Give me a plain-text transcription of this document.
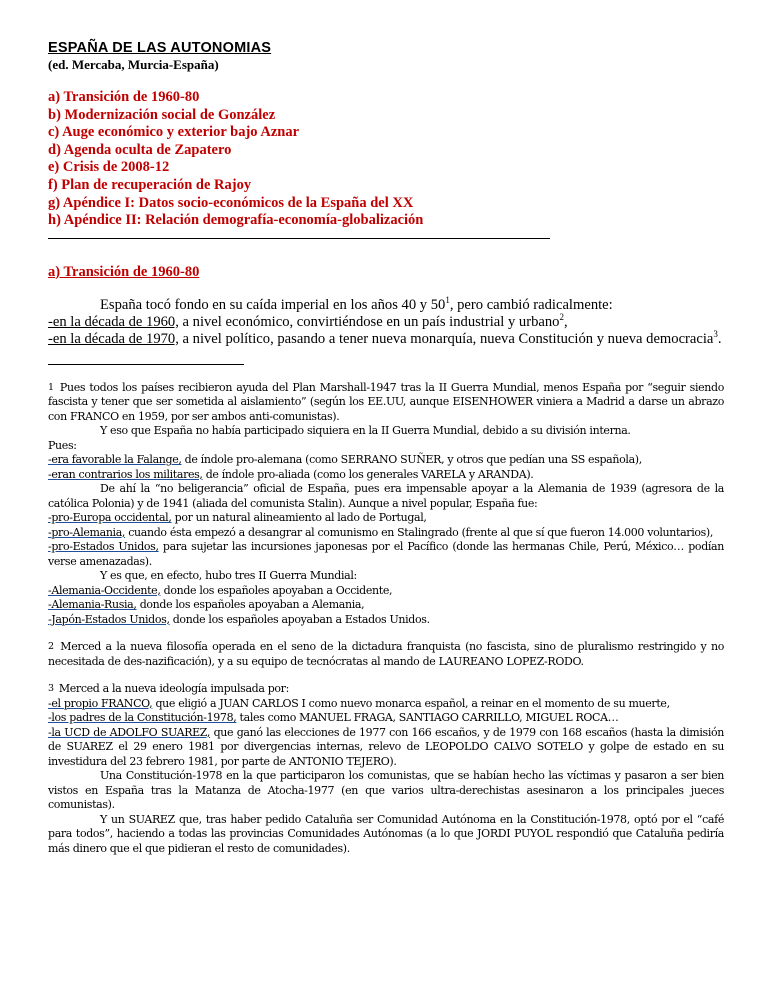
ESPAÑA DE LAS AUTONOMIAS
(ed. Mercaba, Murcia-España)
a) Transición de 1960-80
b) Modernización social de González
c) Auge económico y exterior bajo Aznar
d) Agenda oculta de Zapatero
e) Crisis de 2008-12
f) Plan de recuperación de Rajoy
g) Apéndice I: Datos socio-económicos de la España del XX
h) Apéndice II: Relación demografía-economía-globalización
a) Transición de 1960-80

España tocó fondo en su caída imperial en los años 40 y $50^1$, pero cambió radicalmente:

-en la década de 1960, a nivel económico, convirtiéndose en un país industrial y urbano$^2$,

-en la década de 1970, a nivel político, pasando a tener nueva monarquía, nueva Constitución y nueva democracia$^3$.

1 Pues todos los países recibieron ayuda del Plan Marshall-1947 tras la II Guerra Mundial, menos España por “seguir siendo fascista y tener que ser sometida al aislamiento” (según los EE.UU, aunque EISENHOWER viniera a Madrid a darse un abrazo con FRANCO en 1959, por ser ambos anti-comunistas).

Y eso que España no había participado siquiera en la II Guerra Mundial, debido a su división interna.

Pues:

-era favorable la Falange, de índole pro-alemana (como SERRANO SUÑER, y otros que pedían una SS española),

-eran contrarios los militares, de índole pro-aliada (como los generales VARELA y ARANDA).

De ahí la “no beligerancia” oficial de España, pues era impensable apoyar a la Alemania de 1939 (agresora de la católica Polonia) y de 1941 (aliada del comunista Stalin). Aunque a nivel popular, España fue:

-pro-Europa occidental, por un natural alineamiento al lado de Portugal,

-pro-Alemania, cuando ésta empezó a desangrar al comunismo en Stalingrado (frente al que sí que fueron 14.000 voluntarios),

-pro-Estados Unidos, para sujetar las incursiones japonesas por el Pacífico (donde las hermanas Chile, Perú, México… podían verse amenazadas).

Y es que, en efecto, hubo tres II Guerra Mundial:

-Alemania-Occidente, donde los españoles apoyaban a Occidente,

-Alemania-Rusia, donde los españoles apoyaban a Alemania,

-Japón-Estados Unidos, donde los españoles apoyaban a Estados Unidos.

2 Merced a la nueva filosofía operada en el seno de la dictadura franquista (no fascista, sino de pluralismo restringido y no necesitada de des-nazificación), y a su equipo de tecnócratas al mando de LAUREANO LOPEZ-RODO.

3 Merced a la nueva ideología impulsada por:

-el propio FRANCO, que eligió a JUAN CARLOS I como nuevo monarca español, a reinar en el momento de su muerte,

-los padres de la Constitución-1978, tales como MANUEL FRAGA, SANTIAGO CARRILLO, MIGUEL ROCA…

-la UCD de ADOLFO SUAREZ, que ganó las elecciones de 1977 con 166 escaños, y de 1979 con 168 escaños (hasta la dimisión de SUAREZ el 29 enero 1981 por divergencias internas, relevo de LEOPOLDO CALVO SOTELO y golpe de estado en su investidura del 23 febrero 1981, por parte de ANTONIO TEJERO).

Una Constitución-1978 en la que participaron los comunistas, que se habían hecho las víctimas y pasaron a ser bien vistos en España tras la Matanza de Atocha-1977 (en que varios ultra-derechistas asesinaron a los principales jueces comunistas).

Y un SUAREZ que, tras haber pedido Cataluña ser Comunidad Autónoma en la Constitución-1978, optó por el “café para todos”, haciendo a todas las provincias Comunidades Autónomas (a lo que JORDI PUYOL respondió que Cataluña pediría más dinero que el que pidieran el resto de comunidades).
